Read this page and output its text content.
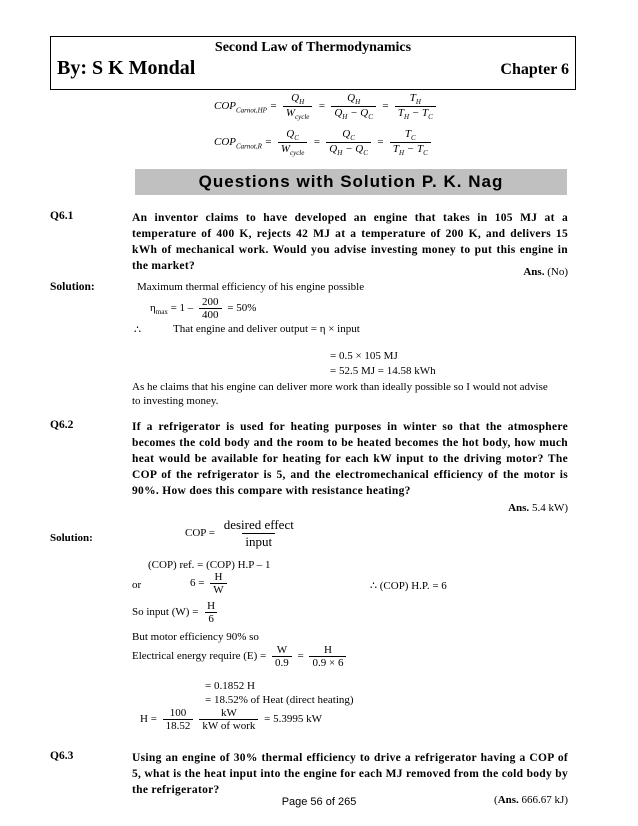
Second Law of Thermodynamics
By: S K Mondal	Chapter 6
$COP_{Carnot,HP} = \frac{Q_H}{W_{cycle}} = \frac{Q_H}{Q_H - Q_C} = \frac{T_H}{T_H - T_C}$
$COP_{Carnot,R} = \frac{Q_C}{W_{cycle}} = \frac{Q_C}{Q_H - Q_C} = \frac{T_C}{T_H - T_C}$
Questions with Solution P. K. Nag
Q6.1	An inventor claims to have developed an engine that takes in 105 MJ at a temperature of 400 K, rejects 42 MJ at a temperature of 200 K, and delivers 15 kWh of mechanical work. Would you advise investing money to put this engine in the market?	Ans. (No)
Solution:	Maximum thermal efficiency of his engine possible
$\eta_{max} = 1 - \frac{200}{400} = 50\%$
∴	That engine and deliver output = η × input
= 0.5 × 105 MJ
= 52.5 MJ = 14.58 kWh
As he claims that his engine can deliver more work than ideally possible so I would not advise to investing money.
Q6.2	If a refrigerator is used for heating purposes in winter so that the atmosphere becomes the cold body and the room to be heated becomes the hot body, how much heat would be available for heating for each kW input to the driving motor? The COP of the refrigerator is 5, and the electromechanical efficiency of the motor is 90%. How does this compare with resistance heating?
Ans. 5.4 kW)
Solution:	COP = $\frac{\text{desired effect}}{\text{input}}$
(COP) ref. = (COP) H.P – 1
or	$6 = \frac{H}{W}$	∴ (COP) H.P. = 6
So input $(W) = \frac{H}{6}$
But motor efficiency 90% so
Electrical energy require $(E) = \frac{W}{0.9} = \frac{H}{0.9 \times 6}$
= 0.1852 H
= 18.52% of Heat (direct heating)
$H = \frac{100}{18.52} \frac{kW}{\text{kW of work}} = 5.3995$ kW
Q6.3	Using an engine of 30% thermal efficiency to drive a refrigerator having a COP of 5, what is the heat input into the engine for each MJ removed from the cold body by the refrigerator?
(Ans. 666.67 kJ)
Page 56 of 265
